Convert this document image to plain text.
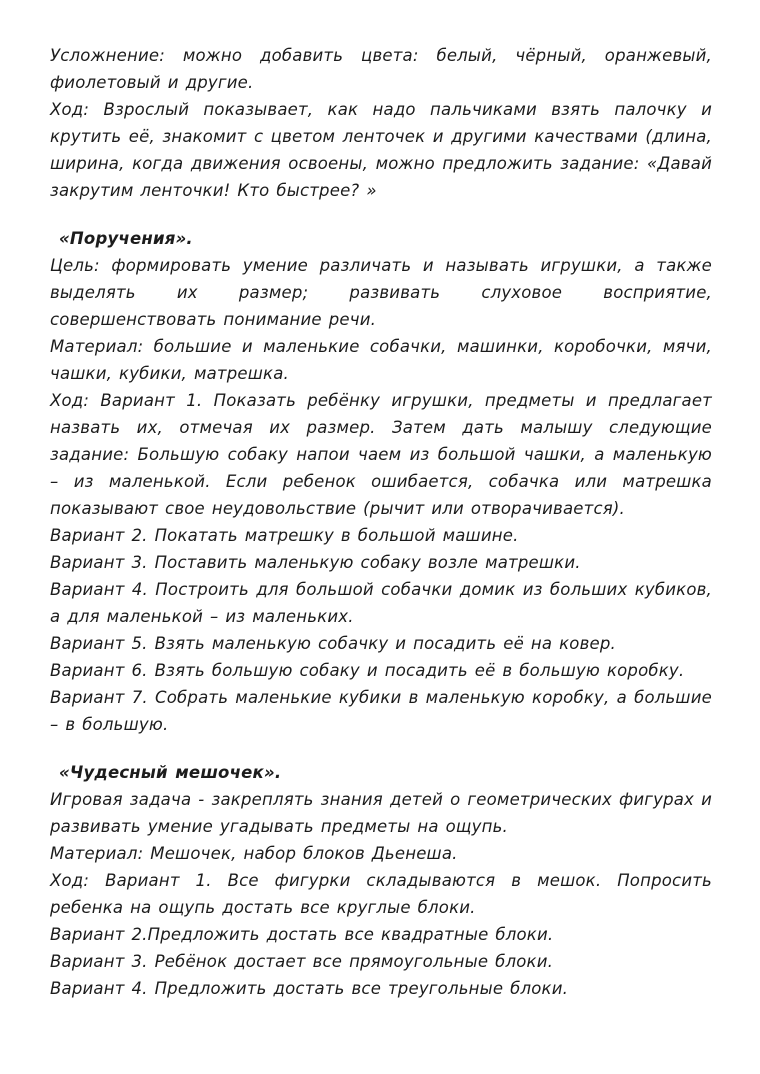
Усложнение: можно добавить цвета: белый, чёрный, оранжевый, фиолетовый и другие.

Ход: Взрослый показывает, как надо пальчиками взять палочку и крутить её, знакомит с цветом ленточек и другими качествами (длина, ширина, когда движения освоены, можно предложить задание: «Давай закрутим ленточки! Кто быстрее? »

«Поручения».

Цель: формировать умение различать и называть игрушки, а также выделять их размер; развивать слуховое восприятие, совершенствовать понимание речи.

Материал: большие и маленькие собачки, машинки, коробочки, мячи, чашки, кубики, матрешка.

Ход: Вариант 1. Показать ребёнку игрушки, предметы и предлагает назвать их, отмечая их размер. Затем дать малышу следующие задание: Большую собаку напои чаем из большой чашки, а маленькую – из маленькой. Если ребенок ошибается, собачка или матрешка показывают свое неудовольствие (рычит или отворачивается).

Вариант 2. Покатать матрешку в большой машине.

Вариант 3. Поставить маленькую собаку возле матрешки.

Вариант 4. Построить для большой собачки домик из больших кубиков, а для маленькой – из маленьких.

Вариант 5. Взять маленькую собачку и посадить её на ковер.

Вариант 6. Взять большую собаку и посадить её в большую коробку.

Вариант 7. Собрать маленькие кубики в маленькую коробку, а большие – в большую.

«Чудесный мешочек».

Игровая задача - закреплять знания детей о геометрических фигурах и развивать умение угадывать предметы на ощупь.

Материал: Мешочек, набор блоков Дьенеша.

Ход: Вариант 1. Все фигурки складываются в мешок. Попросить ребенка на ощупь достать все круглые блоки.

Вариант 2.Предложить достать все квадратные блоки.

Вариант 3. Ребёнок достает все прямоугольные блоки.

Вариант 4. Предложить достать все треугольные блоки.
